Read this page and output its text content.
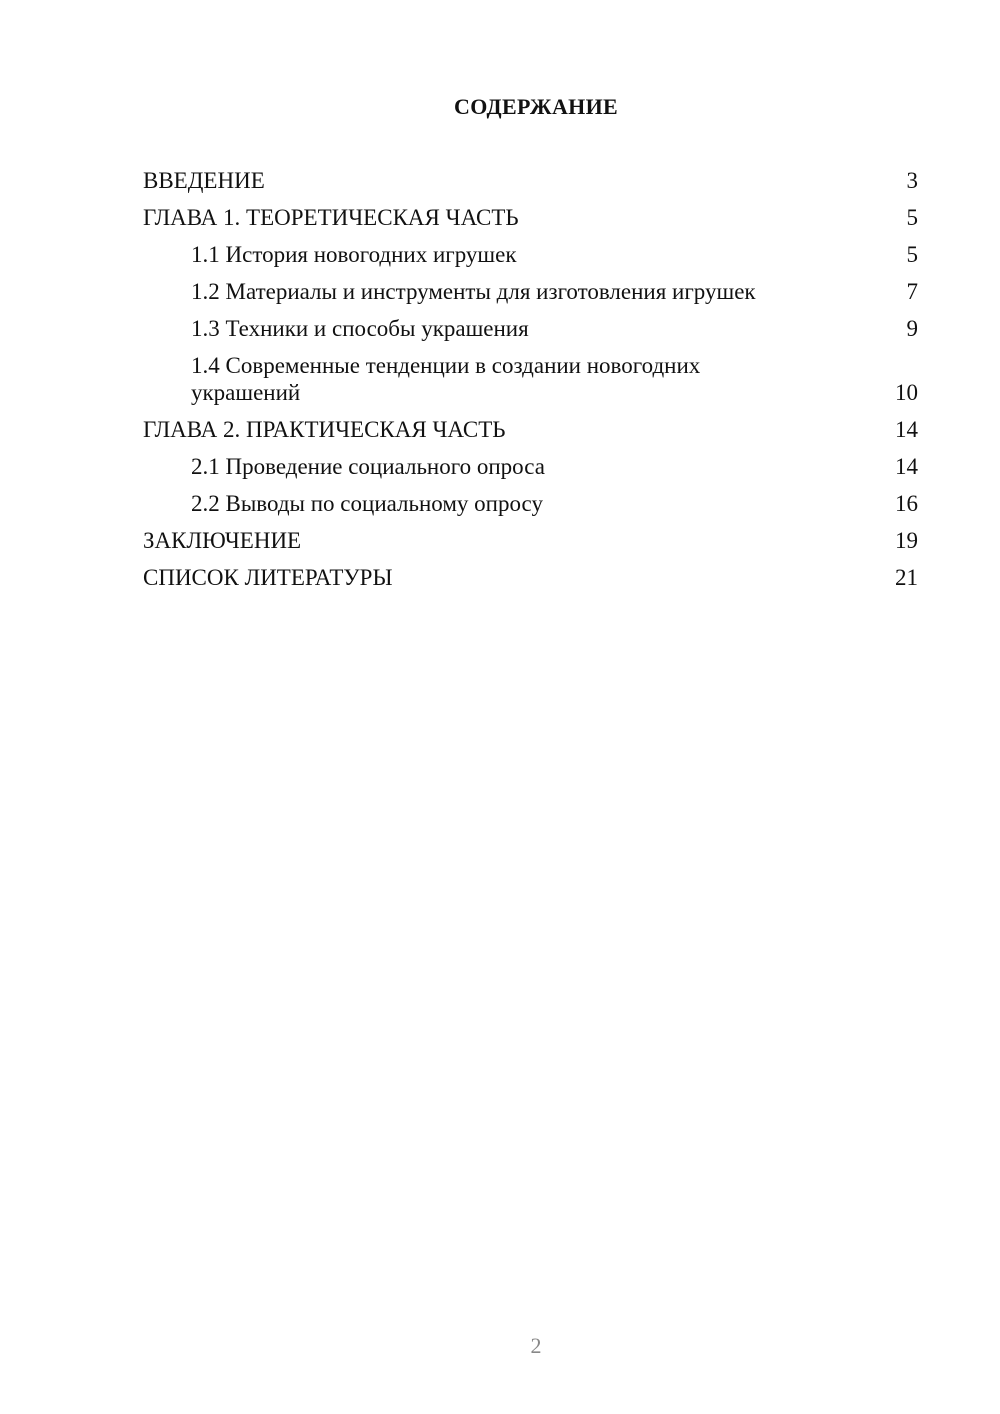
СОДЕРЖАНИЕ
ВВЕДЕНИЕ	3
ГЛАВА 1. ТЕОРЕТИЧЕСКАЯ ЧАСТЬ	5
1.1 История новогодних игрушек	5
1.2 Материалы и инструменты для изготовления игрушек	7
1.3 Техники и способы украшения	9
1.4 Современные тенденции в создании новогодних украшений	10
ГЛАВА 2. ПРАКТИЧЕСКАЯ ЧАСТЬ	14
2.1 Проведение социального опроса	14
2.2 Выводы по социальному опросу	16
ЗАКЛЮЧЕНИЕ	19
СПИСОК ЛИТЕРАТУРЫ	21
2
